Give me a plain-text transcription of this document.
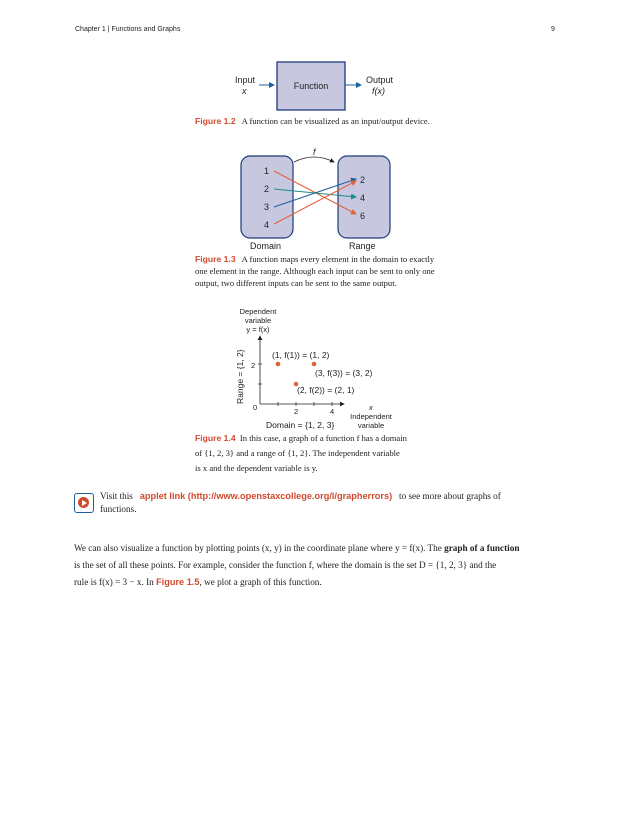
Chapter 1 | Functions and Graphs	9
Input
x	Function
Output
f(x)
Figure 1.2 A function can be visualized as an input/output device.
f
1
2
3
4
2
4
6
Domain	Range
Figure 1.3 A function maps every element in the domain to exactly one element in the range. Although each input can be sent to only one output, two different inputs can be sent to the same output.
Dependent
variable
y = f(x)
Range = {1, 2}
0	2	4
2
(1, f(1)) = (1, 2)
(3, f(3)) = (3, 2)
(2, f(2)) = (2, 1)
x
Independent
variable
Domain = {1, 2, 3}
Figure 1.4 In this case, a graph of a function f has a domain
of {1, 2, 3} and a range of {1, 2}. The independent variable
is x and the dependent variable is y.
Visit this applet link (http://www.openstaxcollege.org/l/grapherrors) to see more about graphs of
functions.
We can also visualize a function by plotting points (x, y) in the coordinate plane where y = f(x). The graph of a function
is the set of all these points. For example, consider the function f, where the domain is the set D = {1, 2, 3} and the
rule is f(x) = 3 − x. In Figure 1.5, we plot a graph of this function.
